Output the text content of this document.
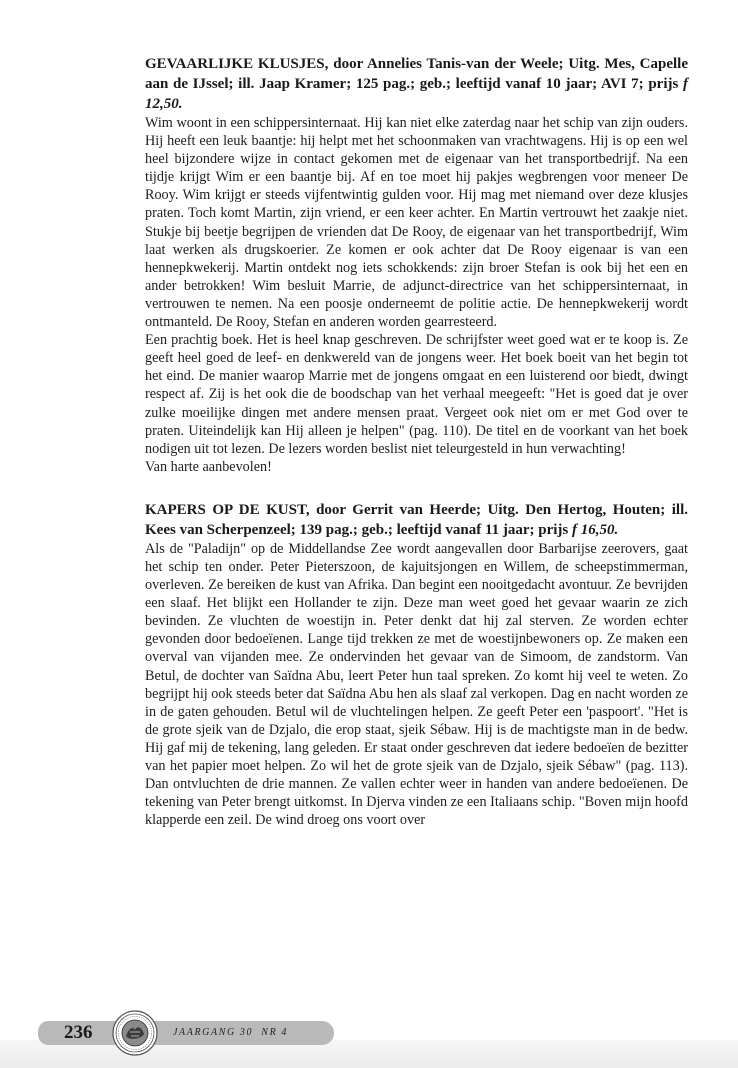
GEVAARLIJKE KLUSJES, door Annelies Tanis-van der Weele; Uitg. Mes, Capelle aan de IJssel; ill. Jaap Kramer; 125 pag.; geb.; leeftijd vanaf 10 jaar; AVI 7; prijs f 12,50.

Wim woont in een schippersinternaat. Hij kan niet elke zaterdag naar het schip van zijn ouders. Hij heeft een leuk baantje: hij helpt met het schoonmaken van vrachtwagens. Hij is op een wel heel bijzondere wijze in contact gekomen met de eigenaar van het transportbedrijf. Na een tijdje krijgt Wim er een baantje bij. Af en toe moet hij pakjes wegbrengen voor meneer De Rooy. Wim krijgt er steeds vijfentwintig gulden voor. Hij mag met niemand over deze klusjes praten. Toch komt Martin, zijn vriend, er een keer achter. En Martin vertrouwt het zaakje niet. Stukje bij beetje begrijpen de vrienden dat De Rooy, de eigenaar van het transportbedrijf, Wim laat werken als drugskoerier. Ze komen er ook achter dat De Rooy eigenaar is van een hennepkwekerij. Martin ontdekt nog iets schokkends: zijn broer Stefan is ook bij het een en ander betrokken! Wim besluit Marrie, de adjunct-directrice van het schippersinternaat, in vertrouwen te nemen. Na een poosje onderneemt de politie actie. De hennepkwekerij wordt ontmanteld. De Rooy, Stefan en anderen worden gearresteerd.

Een prachtig boek. Het is heel knap geschreven. De schrijfster weet goed wat er te koop is. Ze geeft heel goed de leef- en denkwereld van de jongens weer. Het boek boeit van het begin tot het eind. De manier waarop Marrie met de jongens omgaat en een luisterend oor biedt, dwingt respect af. Zij is het ook die de boodschap van het verhaal meegeeft: "Het is goed dat je over zulke moeilijke dingen met andere mensen praat. Vergeet ook niet om er met God over te praten. Uiteindelijk kan Hij alleen je helpen" (pag. 110). De titel en de voorkant van het boek nodigen uit tot lezen. De lezers worden beslist niet teleurgesteld in hun verwachting!

Van harte aanbevolen!

KAPERS OP DE KUST, door Gerrit van Heerde; Uitg. Den Hertog, Houten; ill. Kees van Scherpenzeel; 139 pag.; geb.; leeftijd vanaf 11 jaar; prijs f 16,50.

Als de "Paladijn" op de Middellandse Zee wordt aangevallen door Barbarijse zeerovers, gaat het schip ten onder. Peter Pieterszoon, de kajuitsjongen en Willem, de scheepstimmerman, overleven. Ze bereiken de kust van Afrika. Dan begint een nooitgedacht avontuur. Ze bevrijden een slaaf. Het blijkt een Hollander te zijn. Deze man weet goed het gevaar waarin ze zich bevinden. Ze vluchten de woestijn in. Peter denkt dat hij zal sterven. Ze worden echter gevonden door bedoeïenen. Lange tijd trekken ze met de woestijnbewoners op. Ze maken een overval van vijanden mee. Ze ondervinden het gevaar van de Simoom, de zandstorm. Van Betul, de dochter van Saïdna Abu, leert Peter hun taal spreken. Zo komt hij veel te weten. Zo begrijpt hij ook steeds beter dat Saïdna Abu hen als slaaf zal verkopen. Dag en nacht worden ze in de gaten gehouden. Betul wil de vluchtelingen helpen. Ze geeft Peter een 'paspoort'. "Het is de grote sjeik van de Dzjalo, die erop staat, sjeik Sébaw. Hij is de machtigste man in de bedw. Hij gaf mij de tekening, lang geleden. Er staat onder geschreven dat iedere bedoeïen de bezitter van het papier moet helpen. Zo wil het de grote sjeik van de Dzjalo, sjeik Sébaw" (pag. 113). Dan ontvluchten de drie mannen. Ze vallen echter weer in handen van andere bedoeïenen. De tekening van Peter brengt uitkomst. In Djerva vinden ze een Italiaans schip. "Boven mijn hoofd klapperde een zeil. De wind droeg ons voort over

236	JAARGANG 30 NR 4
